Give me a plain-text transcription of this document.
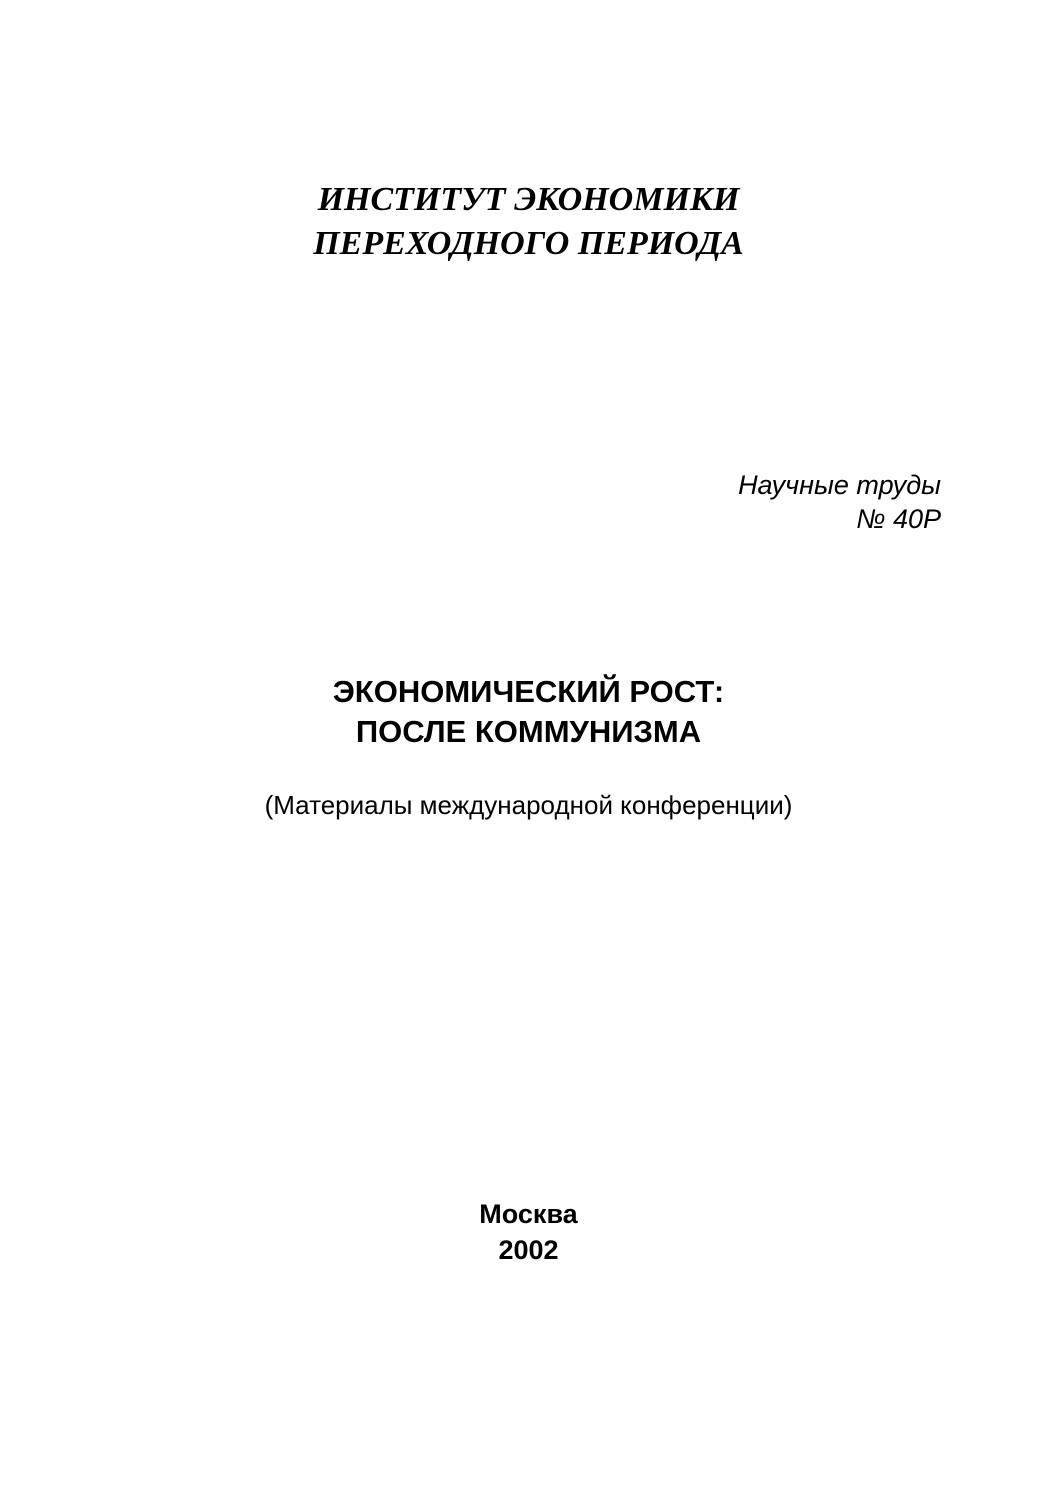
ИНСТИТУТ ЭКОНОМИКИ
ПЕРЕХОДНОГО ПЕРИОДА
Научные труды
№ 40Р
ЭКОНОМИЧЕСКИЙ РОСТ:
ПОСЛЕ КОММУНИЗМА
(Материалы международной конференции)
Москва
2002
